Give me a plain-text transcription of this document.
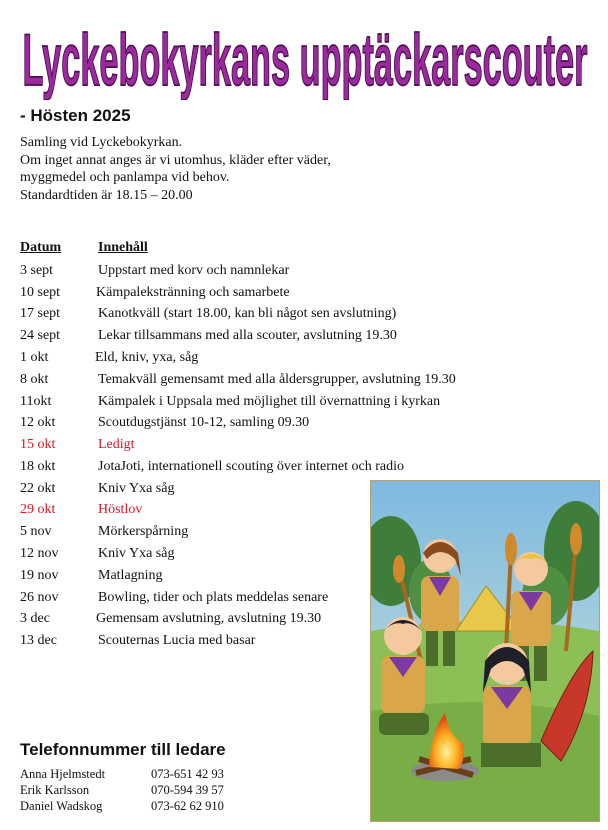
Lyckebokyrkans upptäckarscouter
- Hösten 2025
Samling vid Lyckebokyrkan.
Om inget annat anges är vi utomhus, kläder efter väder,
myggmedel och panlampa vid behov.
Standardtiden är 18.15 – 20.00
Datum	Innehåll
3 sept	Uppstart med korv och namnlekar
10 sept	Kämpalekstränning och samarbete
17 sept	Kanotkväll (start 18.00, kan bli något sen avslutning)
24 sept	Lekar tillsammans med alla scouter, avslutning 19.30
1 okt	Eld, kniv, yxa, såg
8 okt	Temakväll gemensamt med alla åldersgrupper, avslutning 19.30
11okt	Kämpalek i Uppsala med möjlighet till övernattning i kyrkan
12 okt	Scoutdugstjänst 10-12, samling 09.30
15 okt	Ledigt
18 okt	JotaJoti, internationell scouting över internet och radio
22 okt	Kniv Yxa såg
29 okt	Höstlov
5 nov	Mörkerspårning
12 nov	Kniv Yxa såg
19 nov	Matlagning
26 nov	Bowling, tider och plats meddelas senare
3 dec	Gemensam avslutning, avslutning 19.30
13 dec	Scouternas Lucia med basar
Telefonnummer till ledare
Anna Hjelmstedt	073-651 42 93
Erik Karlsson	070-594 39 57
Daniel Wadskog	073-62 62 910
